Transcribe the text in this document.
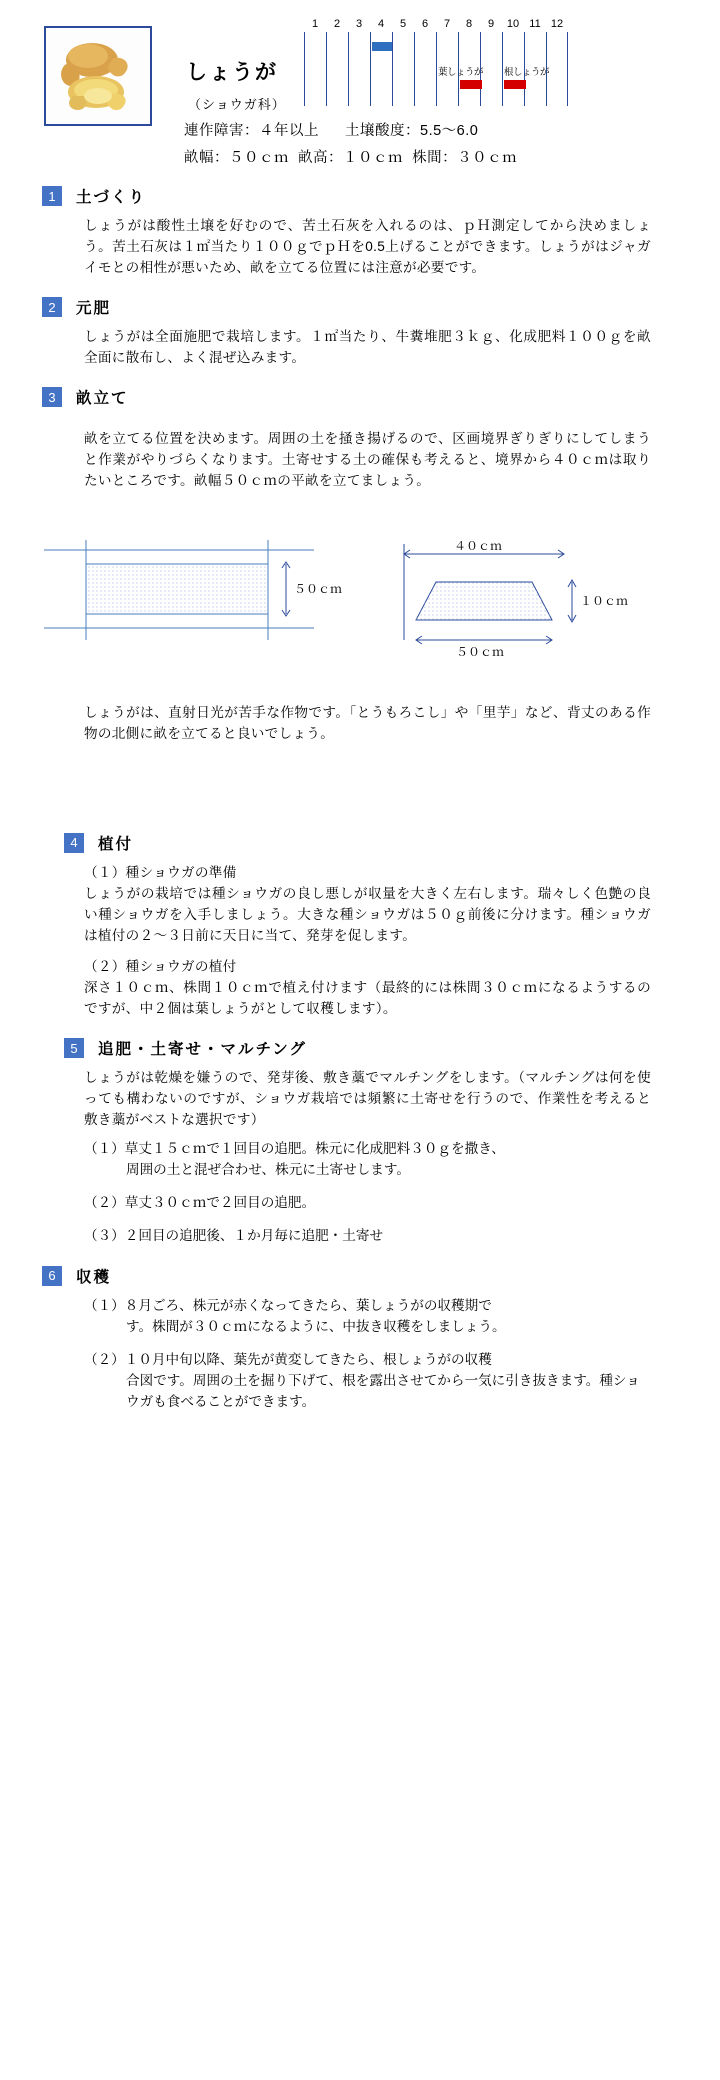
1	2	3	4	5	6	7	8	9	10 11 12
葉しょうが 根しょうが
しょうが
（ショウガ科）
連作障害：４年以上 土壌酸度：5.5〜6.0
畝幅：５０ｃｍ 畝高：１０ｃｍ 株間：３０ｃｍ
1	土づくり

しょうがは酸性土壌を好むので、苦土石灰を入れるのは、ｐＨ測定してから決めましょう。苦土石灰は１㎡当たり１００ｇでｐＨを0.5上げることができます。しょうがはジャガイモとの相性が悪いため、畝を立てる位置には注意が必要です。

2	元肥

しょうがは全面施肥で栽培します。１㎡当たり、牛糞堆肥３ｋｇ、化成肥料１００ｇを畝全面に散布し、よく混ぜ込みます。

3	畝立て

畝を立てる位置を決めます。周囲の土を掻き揚げるので、区画境界ぎりぎりにしてしまうと作業がやりづらくなります。土寄せする土の確保も考えると、境界から４０ｃｍは取りたいところです。畝幅５０ｃｍの平畝を立てましょう。

５０ｃｍ
４０ｃｍ
１０ｃｍ
５０ｃｍ

しょうがは、直射日光が苦手な作物です。「とうもろこし」や「里芋」など、背丈のある作物の北側に畝を立てると良いでしょう。

4	植付

（１）種ショウガの準備

しょうがの栽培では種ショウガの良し悪しが収量を大きく左右します。瑞々しく色艶の良い種ショウガを入手しましょう。大きな種ショウガは５０ｇ前後に分けます。種ショウガは植付の２〜３日前に天日に当て、発芽を促します。

（２）種ショウガの植付

深さ１０ｃｍ、株間１０ｃｍで植え付けます（最終的には株間３０ｃｍになるようするのですが、中２個は葉しょうがとして収穫します）。

5	追肥・土寄せ・マルチング

しょうがは乾燥を嫌うので、発芽後、敷き藁でマルチングをします。（マルチングは何を使っても構わないのですが、ショウガ栽培では頻繁に土寄せを行うので、作業性を考えると敷き藁がベストな選択です）

（１）草丈１５ｃｍで１回目の追肥。株元に化成肥料３０ｇを撒き、
周囲の土と混ぜ合わせ、株元に土寄せします。
（２）草丈３０ｃｍで２回目の追肥。
（３）２回目の追肥後、１か月毎に追肥・土寄せ
6	収穫
（１）８月ごろ、株元が赤くなってきたら、葉しょうがの収穫期で
す。株間が３０ｃｍになるように、中抜き収穫をしましょう。
（２）１０月中旬以降、葉先が黄変してきたら、根しょうがの収穫
合図です。周囲の土を掘り下げて、根を露出させてから一気に引き抜きます。種ショウガも食べることができます。
